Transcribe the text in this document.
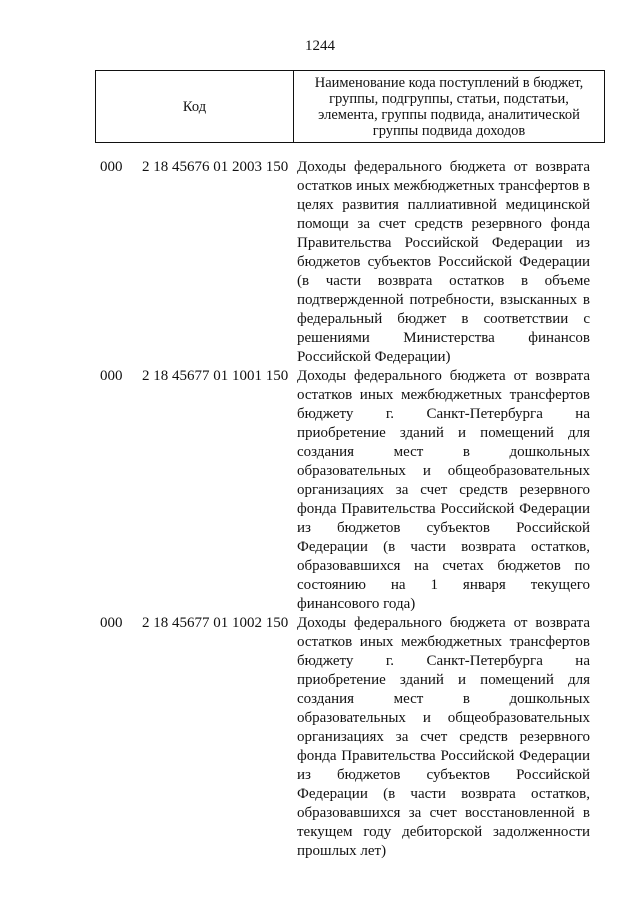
1244
Код	Наименование кода поступлений в бюджет, группы, подгруппы, статьи, подстатьи, элемента, группы подвида, аналитической группы подвида доходов
000 2 18 45676 01 2003 150 Доходы федерального бюджета от возврата остатков иных межбюджетных трансфертов в целях развития паллиативной медицинской помощи за счет средств резервного фонда Правительства Российской Федерации из бюджетов субъектов Российской Федерации (в части возврата остатков в объеме подтвержденной потребности, взысканных в федеральный бюджет в соответствии с решениями Министерства финансов Российской Федерации)
000 2 18 45677 01 1001 150 Доходы федерального бюджета от возврата остатков иных межбюджетных трансфертов бюджету г. Санкт-Петербурга на приобретение зданий и помещений для создания мест в дошкольных образовательных и общеобразовательных организациях за счет средств резервного фонда Правительства Российской Федерации из бюджетов субъектов Российской Федерации (в части возврата остатков, образовавшихся на счетах бюджетов по состоянию на 1 января текущего финансового года)
000 2 18 45677 01 1002 150 Доходы федерального бюджета от возврата остатков иных межбюджетных трансфертов бюджету г. Санкт-Петербурга на приобретение зданий и помещений для создания мест в дошкольных образовательных и общеобразовательных организациях за счет средств резервного фонда Правительства Российской Федерации из бюджетов субъектов Российской Федерации (в части возврата остатков, образовавшихся за счет восстановленной в текущем году дебиторской задолженности прошлых лет)
